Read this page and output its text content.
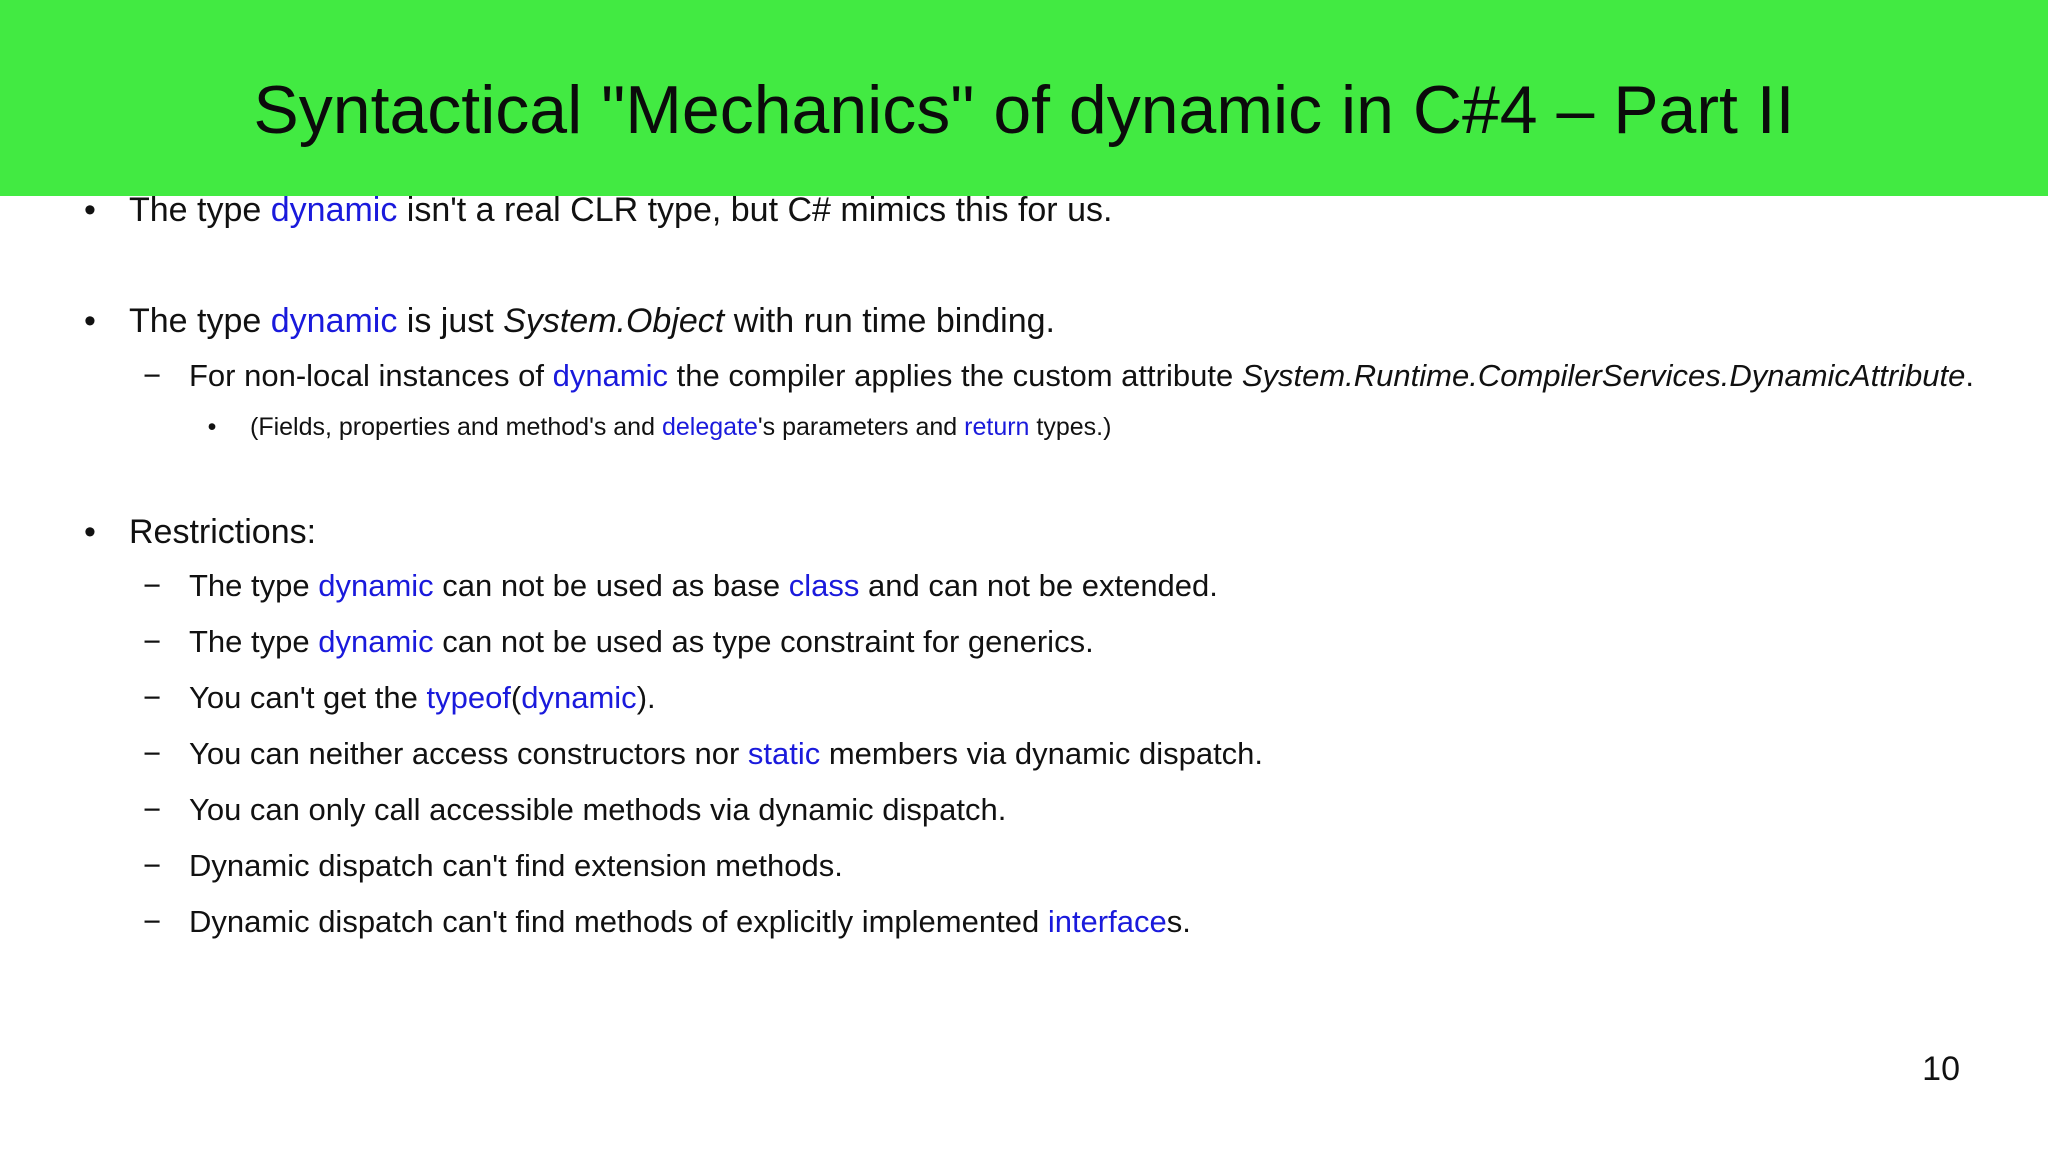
Syntactical "Mechanics" of dynamic in C#4 – Part II
• The type dynamic isn't a real CLR type, but C# mimics this for us.
• The type dynamic is just System.Object with run time binding.
− For non-local instances of dynamic the compiler applies the custom attribute System.Runtime.CompilerServices.DynamicAttribute.
• (Fields, properties and method's and delegate's parameters and return types.)
• Restrictions:
− The type dynamic can not be used as base class and can not be extended.
− The type dynamic can not be used as type constraint for generics.
− You can't get the typeof(dynamic).
− You can neither access constructors nor static members via dynamic dispatch.
− You can only call accessible methods via dynamic dispatch.
− Dynamic dispatch can't find extension methods.
− Dynamic dispatch can't find methods of explicitly implemented interfaces.
10
